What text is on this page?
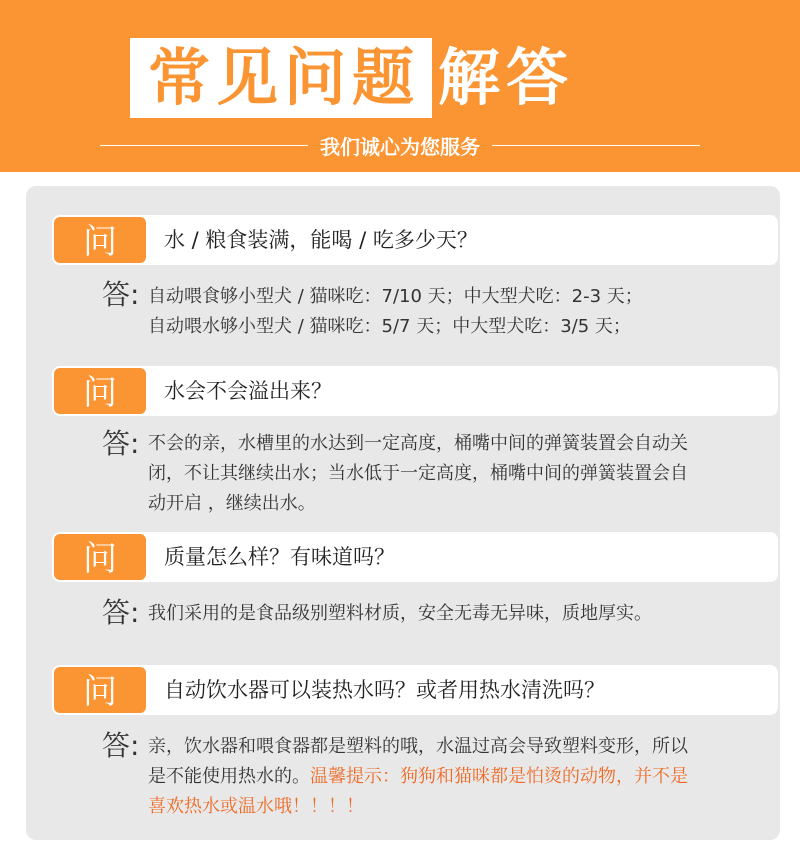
常见问题 解答
我们诚心为您服务
问	水 / 粮食装满，能喝 / 吃多少天？
答: 自动喂食够小型犬 / 猫咪吃：7/10 天；中大型犬吃：2-3 天；
自动喂水够小型犬 / 猫咪吃：5/7 天；中大型犬吃：3/5 天；
问	水会不会溢出来？
答: 不会的亲，水槽里的水达到一定高度，桶嘴中间的弹簧装置会自动关
闭，不让其继续出水；当水低于一定高度，桶嘴中间的弹簧装置会自
动开启 ，继续出水。
问	质量怎么样？有味道吗？
答: 我们采用的是食品级别塑料材质，安全无毒无异味，质地厚实。
问	自动饮水器可以装热水吗？或者用热水清洗吗？
答: 亲，饮水器和喂食器都是塑料的哦，水温过高会导致塑料变形，所以
是不能使用热水的。温馨提示：狗狗和猫咪都是怕烫的动物，并不是
喜欢热水或温水哦！！！！
